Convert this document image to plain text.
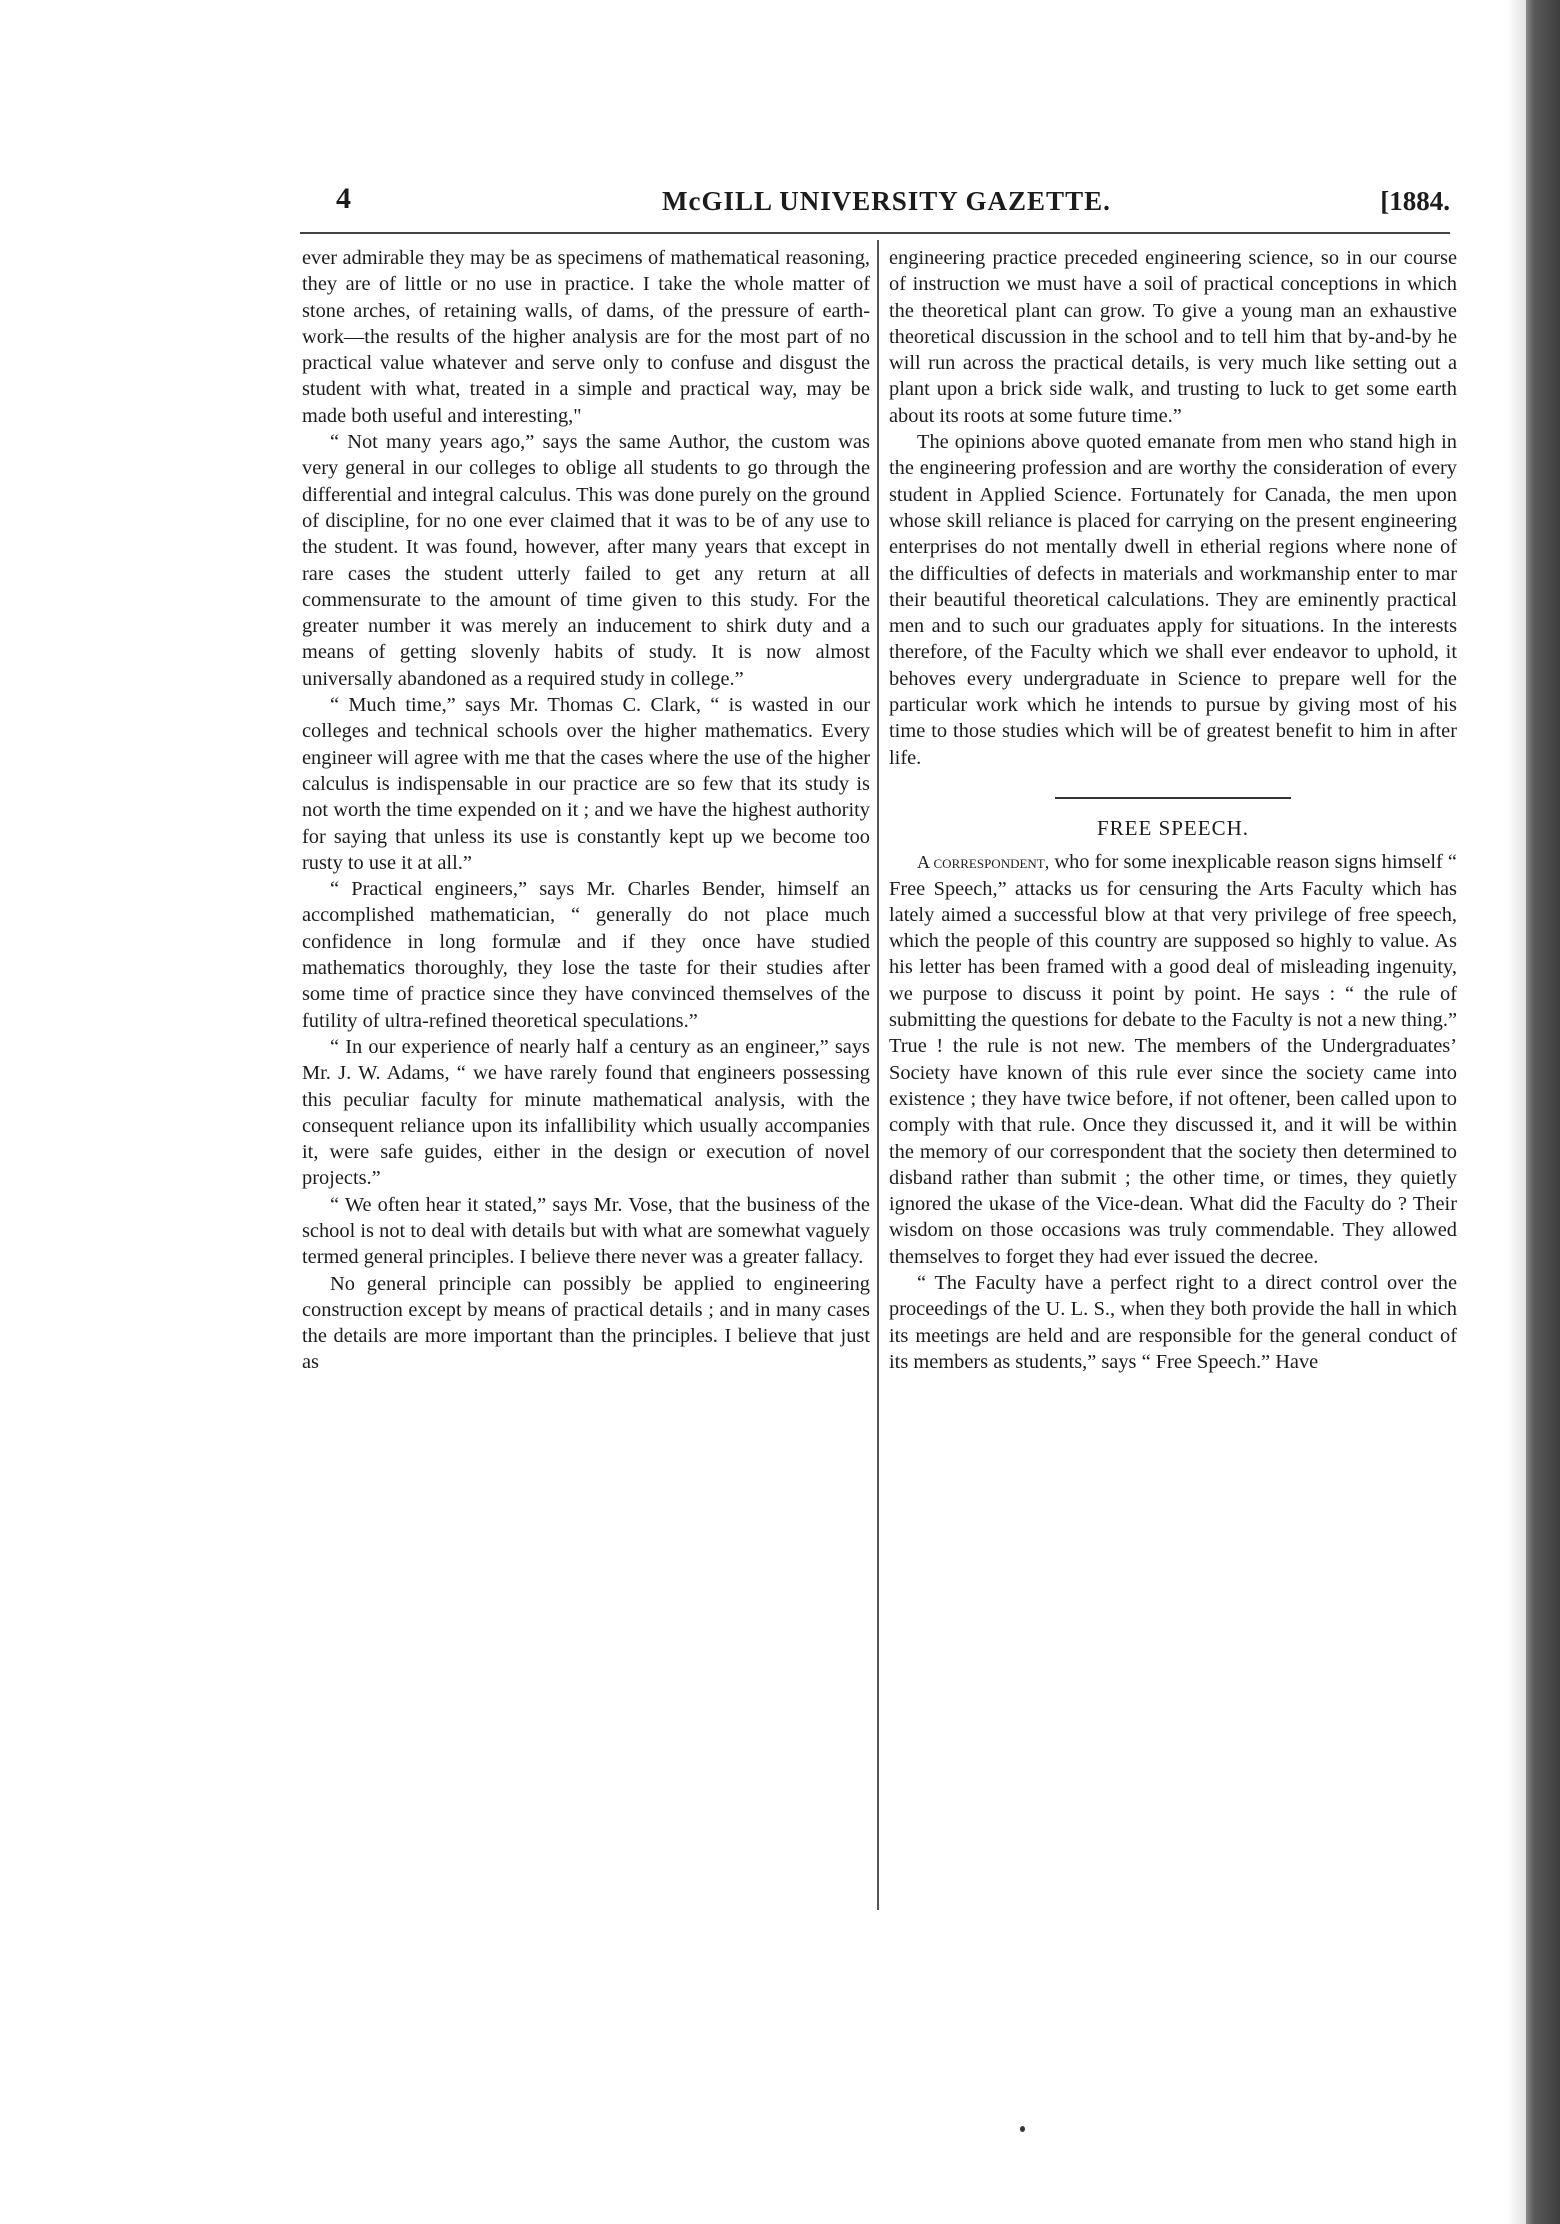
4	McGILL UNIVERSITY GAZETTE.	[1884.

ever admirable they may be as specimens of mathematical reasoning, they are of little or no use in practice. I take the whole matter of stone arches, of retaining walls, of dams, of the pressure of earth-work—the results of the higher analysis are for the most part of no practical value whatever and serve only to confuse and disgust the student with what, treated in a simple and practical way, may be made both useful and interesting,"

“ Not many years ago,” says the same Author, the custom was very general in our colleges to oblige all students to go through the differential and integral calculus. This was done purely on the ground of discipline, for no one ever claimed that it was to be of any use to the student. It was found, however, after many years that except in rare cases the student utterly failed to get any return at all commensurate to the amount of time given to this study. For the greater number it was merely an inducement to shirk duty and a means of getting slovenly habits of study. It is now almost universally abandoned as a required study in college.”

“ Much time,” says Mr. Thomas C. Clark, “ is wasted in our colleges and technical schools over the higher mathematics. Every engineer will agree with me that the cases where the use of the higher calculus is indispensable in our practice are so few that its study is not worth the time expended on it ; and we have the highest authority for saying that unless its use is constantly kept up we become too rusty to use it at all.”

“ Practical engineers,” says Mr. Charles Bender, himself an accomplished mathematician, “ generally do not place much confidence in long formulæ and if they once have studied mathematics thoroughly, they lose the taste for their studies after some time of practice since they have convinced themselves of the futility of ultra-refined theoretical speculations.”

“ In our experience of nearly half a century as an engineer,” says Mr. J. W. Adams, “ we have rarely found that engineers possessing this peculiar faculty for minute mathematical analysis, with the consequent reliance upon its infallibility which usually accompanies it, were safe guides, either in the design or execution of novel projects.”

“ We often hear it stated,” says Mr. Vose, that the business of the school is not to deal with details but with what are somewhat vaguely termed general principles. I believe there never was a greater fallacy.

No general principle can possibly be applied to engineering construction except by means of practical details ; and in many cases the details are more important than the principles. I believe that just as

engineering practice preceded engineering science, so in our course of instruction we must have a soil of practical conceptions in which the theoretical plant can grow. To give a young man an exhaustive theoretical discussion in the school and to tell him that by-and-by he will run across the practical details, is very much like setting out a plant upon a brick side walk, and trusting to luck to get some earth about its roots at some future time.”

The opinions above quoted emanate from men who stand high in the engineering profession and are worthy the consideration of every student in Applied Science. Fortunately for Canada, the men upon whose skill reliance is placed for carrying on the present engineering enterprises do not mentally dwell in etherial regions where none of the difficulties of defects in materials and workmanship enter to mar their beautiful theoretical calculations. They are eminently practical men and to such our graduates apply for situations. In the interests therefore, of the Faculty which we shall ever endeavor to uphold, it behoves every undergraduate in Science to prepare well for the particular work which he intends to pursue by giving most of his time to those studies which will be of greatest benefit to him in after life.

FREE SPEECH.

A correspondent, who for some inexplicable reason signs himself “ Free Speech,” attacks us for censuring the Arts Faculty which has lately aimed a successful blow at that very privilege of free speech, which the people of this country are supposed so highly to value. As his letter has been framed with a good deal of misleading ingenuity, we purpose to discuss it point by point. He says : “ the rule of submitting the questions for debate to the Faculty is not a new thing.” True ! the rule is not new. The members of the Undergraduates’ Society have known of this rule ever since the society came into existence ; they have twice before, if not oftener, been called upon to comply with that rule. Once they discussed it, and it will be within the memory of our correspondent that the society then determined to disband rather than submit ; the other time, or times, they quietly ignored the ukase of the Vice-dean. What did the Faculty do ? Their wisdom on those occasions was truly commendable. They allowed themselves to forget they had ever issued the decree.

“ The Faculty have a perfect right to a direct control over the proceedings of the U. L. S., when they both provide the hall in which its meetings are held and are responsible for the general conduct of its members as students,” says “ Free Speech.” Have
